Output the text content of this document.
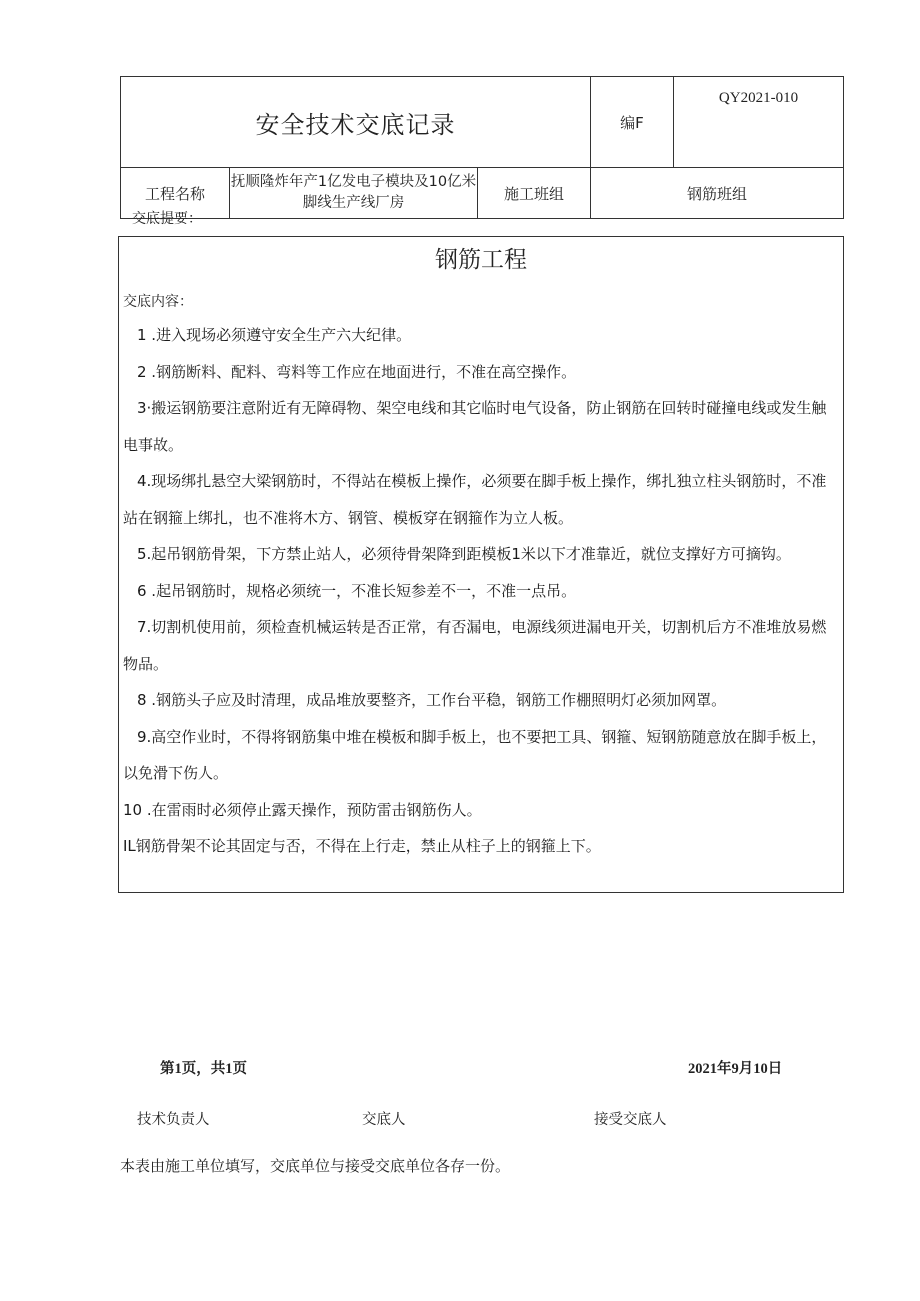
安全技术交底记录			编F	QY2021-010
工程名称	抚顺隆炸年产1亿发电子模块及10亿米脚线生产线厂房	施工班组	钢筋班组	
交底提要：
钢筋工程
交底内容：

1 .进入现场必须遵守安全生产六大纪律。

2 .钢筋断料、配料、弯料等工作应在地面进行，不准在高空操作。

3·搬运钢筋要注意附近有无障碍物、架空电线和其它临时电气设备，防止钢筋在回转时碰撞电线或发生触电事故。

4.现场绑扎悬空大梁钢筋时，不得站在模板上操作，必须要在脚手板上操作，绑扎独立柱头钢筋时，不准站在钢箍上绑扎，也不准将木方、钢管、模板穿在钢箍作为立人板。

5.起吊钢筋骨架，下方禁止站人，必须待骨架降到距模板1米以下才准靠近，就位支撑好方可摘钩。

6 .起吊钢筋时，规格必须统一，不准长短参差不一，不准一点吊。

7.切割机使用前，须检查机械运转是否正常，有否漏电，电源线须进漏电开关，切割机后方不准堆放易燃物品。

8 .钢筋头子应及时清理，成品堆放要整齐，工作台平稳，钢筋工作棚照明灯必须加网罩。

9.高空作业时，不得将钢筋集中堆在模板和脚手板上，也不要把工具、钢箍、短钢筋随意放在脚手板上，以免滑下伤人。

10 .在雷雨时必须停止露天操作，预防雷击钢筋伤人。

IL钢筋骨架不论其固定与否，不得在上行走，禁止从柱子上的钢箍上下。

第1页，共1页	2021年9月10日
技术负责人	交底人	接受交底人
本表由施工单位填写，交底单位与接受交底单位各存一份。
